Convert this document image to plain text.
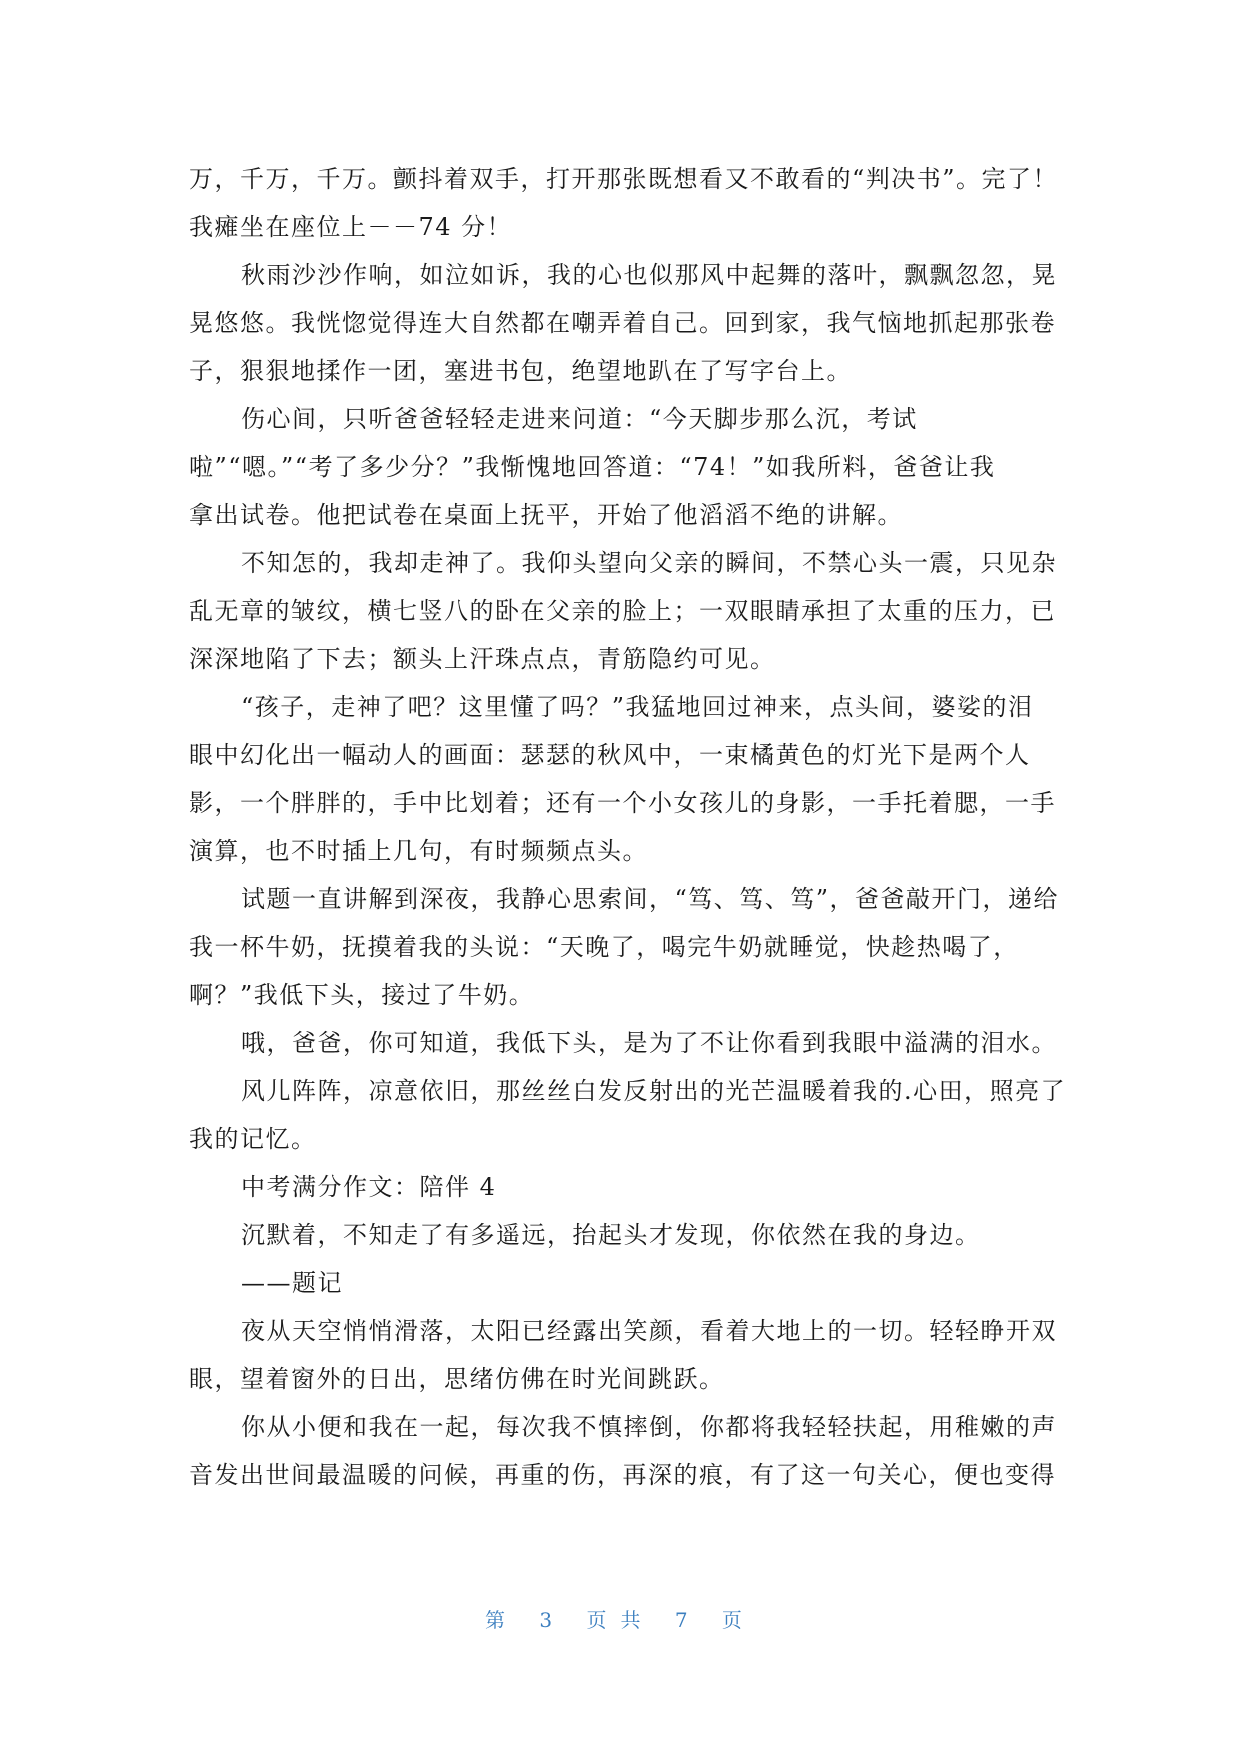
万，千万，千万。颤抖着双手，打开那张既想看又不敢看的“判决书”。完了！
我瘫坐在座位上－－74 分！
秋雨沙沙作响，如泣如诉，我的心也似那风中起舞的落叶，飘飘忽忽，晃
晃悠悠。我恍惚觉得连大自然都在嘲弄着自己。回到家，我气恼地抓起那张卷
子，狠狠地揉作一团，塞进书包，绝望地趴在了写字台上。
伤心间，只听爸爸轻轻走进来问道：“今天脚步那么沉，考试
啦”“嗯。”“考了多少分？”我惭愧地回答道：“74！”如我所料，爸爸让我
拿出试卷。他把试卷在桌面上抚平，开始了他滔滔不绝的讲解。
不知怎的，我却走神了。我仰头望向父亲的瞬间，不禁心头一震，只见杂
乱无章的皱纹，横七竖八的卧在父亲的脸上；一双眼睛承担了太重的压力，已
深深地陷了下去；额头上汗珠点点，青筋隐约可见。
“孩子，走神了吧？这里懂了吗？”我猛地回过神来，点头间，婆娑的泪
眼中幻化出一幅动人的画面：瑟瑟的秋风中，一束橘黄色的灯光下是两个人
影，一个胖胖的，手中比划着；还有一个小女孩儿的身影，一手托着腮，一手
演算，也不时插上几句，有时频频点头。
试题一直讲解到深夜，我静心思索间，“笃、笃、笃”，爸爸敲开门，递给
我一杯牛奶，抚摸着我的头说：“天晚了，喝完牛奶就睡觉，快趁热喝了，
啊？”我低下头，接过了牛奶。
哦，爸爸，你可知道，我低下头，是为了不让你看到我眼中溢满的泪水。
风儿阵阵，凉意依旧，那丝丝白发反射出的光芒温暖着我的.心田，照亮了
我的记忆。
中考满分作文：陪伴 4
沉默着，不知走了有多遥远，抬起头才发现，你依然在我的身边。
——题记
夜从天空悄悄滑落，太阳已经露出笑颜，看着大地上的一切。轻轻睁开双
眼，望着窗外的日出，思绪仿佛在时光间跳跃。
你从小便和我在一起，每次我不慎摔倒，你都将我轻轻扶起，用稚嫩的声
音发出世间最温暖的问候，再重的伤，再深的痕，有了这一句关心，便也变得
第 3 页共 7 页
